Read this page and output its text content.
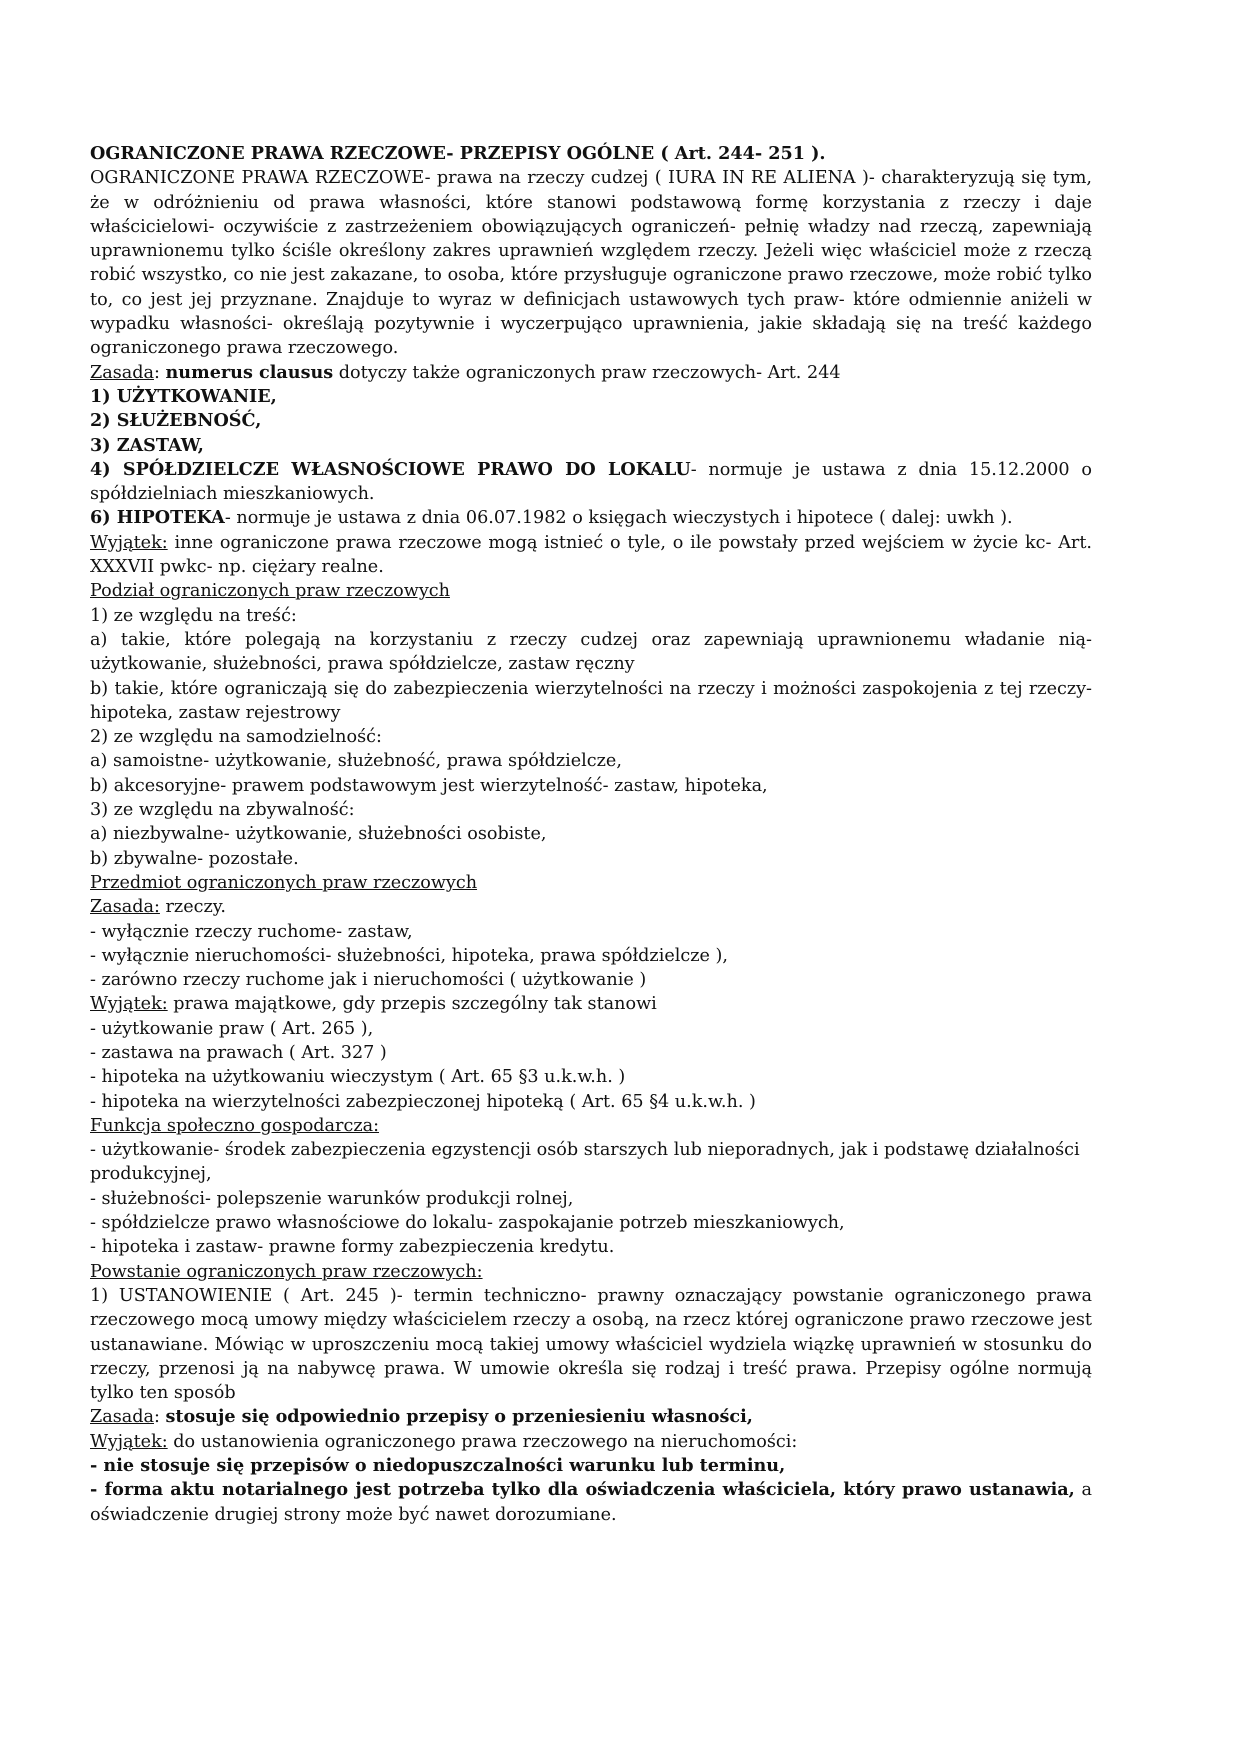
OGRANICZONE PRAWA RZECZOWE- PRZEPISY OGÓLNE ( Art. 244- 251 ).

OGRANICZONE PRAWA RZECZOWE- prawa na rzeczy cudzej ( IURA IN RE ALIENA )- charakteryzują się tym, że w odróżnieniu od prawa własności, które stanowi podstawową formę korzystania z rzeczy i daje właścicielowi- oczywiście z zastrzeżeniem obowiązujących ograniczeń- pełnię władzy nad rzeczą, zapewniają uprawnionemu tylko ściśle określony zakres uprawnień względem rzeczy. Jeżeli więc właściciel może z rzeczą robić wszystko, co nie jest zakazane, to osoba, które przysługuje ograniczone prawo rzeczowe, może robić tylko to, co jest jej przyznane. Znajduje to wyraz w definicjach ustawowych tych praw- które odmiennie aniżeli w wypadku własności- określają pozytywnie i wyczerpująco uprawnienia, jakie składają się na treść każdego ograniczonego prawa rzeczowego.

Zasada: numerus clausus dotyczy także ograniczonych praw rzeczowych- Art. 244

1) UŻYTKOWANIE,

2) SŁUŻEBNOŚĆ,

3) ZASTAW,

4) SPÓŁDZIELCZE WŁASNOŚCIOWE PRAWO DO LOKALU- normuje je ustawa z dnia 15.12.2000 o spółdzielniach mieszkaniowych.

6) HIPOTEKA- normuje je ustawa z dnia 06.07.1982 o księgach wieczystych i hipotece ( dalej: uwkh ).

Wyjątek: inne ograniczone prawa rzeczowe mogą istnieć o tyle, o ile powstały przed wejściem w życie kc- Art. XXXVII pwkc- np. ciężary realne.

Podział ograniczonych praw rzeczowych

1) ze względu na treść:

a) takie, które polegają na korzystaniu z rzeczy cudzej oraz zapewniają uprawnionemu władanie nią- użytkowanie, służebności, prawa spółdzielcze, zastaw ręczny

b) takie, które ograniczają się do zabezpieczenia wierzytelności na rzeczy i możności zaspokojenia z tej rzeczy- hipoteka, zastaw rejestrowy

2) ze względu na samodzielność:

a) samoistne- użytkowanie, służebność, prawa spółdzielcze,

b) akcesoryjne- prawem podstawowym jest wierzytelność- zastaw, hipoteka,

3) ze względu na zbywalność:

a) niezbywalne- użytkowanie, służebności osobiste,

b) zbywalne- pozostałe.

Przedmiot ograniczonych praw rzeczowych

Zasada: rzeczy.

- wyłącznie rzeczy ruchome- zastaw,

- wyłącznie nieruchomości- służebności, hipoteka, prawa spółdzielcze ),

- zarówno rzeczy ruchome jak i nieruchomości ( użytkowanie )

Wyjątek: prawa majątkowe, gdy przepis szczególny tak stanowi

- użytkowanie praw ( Art. 265 ),

- zastawa na prawach ( Art. 327 )

- hipoteka na użytkowaniu wieczystym ( Art. 65 §3 u.k.w.h. )

- hipoteka na wierzytelności zabezpieczonej hipoteką ( Art. 65 §4 u.k.w.h. )

Funkcja społeczno gospodarcza:

- użytkowanie- środek zabezpieczenia egzystencji osób starszych lub nieporadnych, jak i podstawę działalności produkcyjnej,

- służebności- polepszenie warunków produkcji rolnej,

- spółdzielcze prawo własnościowe do lokalu- zaspokajanie potrzeb mieszkaniowych,

- hipoteka i zastaw- prawne formy zabezpieczenia kredytu.

Powstanie ograniczonych praw rzeczowych:

1) USTANOWIENIE ( Art. 245 )- termin techniczno- prawny oznaczający powstanie ograniczonego prawa rzeczowego mocą umowy między właścicielem rzeczy a osobą, na rzecz której ograniczone prawo rzeczowe jest ustanawiane. Mówiąc w uproszczeniu mocą takiej umowy właściciel wydziela wiązkę uprawnień w stosunku do rzeczy, przenosi ją na nabywcę prawa. W umowie określa się rodzaj i treść prawa. Przepisy ogólne normują tylko ten sposób

Zasada: stosuje się odpowiednio przepisy o przeniesieniu własności,

Wyjątek: do ustanowienia ograniczonego prawa rzeczowego na nieruchomości:

- nie stosuje się przepisów o niedopuszczalności warunku lub terminu,

- forma aktu notarialnego jest potrzeba tylko dla oświadczenia właściciela, który prawo ustanawia, a oświadczenie drugiej strony może być nawet dorozumiane.
